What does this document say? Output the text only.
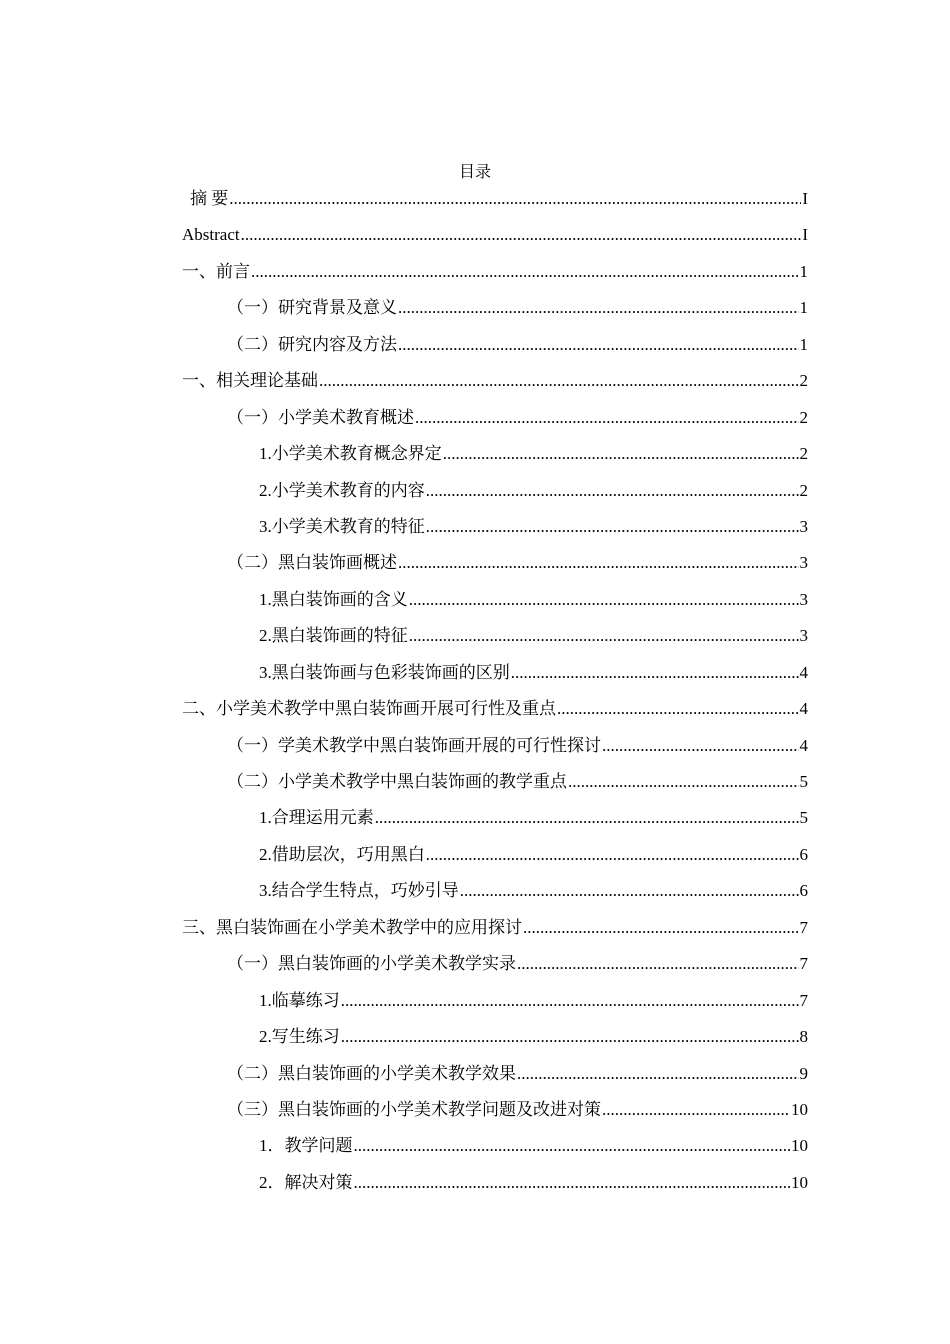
目录
摘 要 .....	I
Abstract .....	I
一、前言 .....	1
（一）研究背景及意义 .....	1
（二）研究内容及方法 .....	1
一、相关理论基础 .....	2
（一）小学美术教育概述 .....	2
1.小学美术教育概念界定 .....	2
2.小学美术教育的内容 .....	2
3.小学美术教育的特征 .....	3
（二）黑白装饰画概述 .....	3
1.黑白装饰画的含义 .....	3
2.黑白装饰画的特征 .....	3
3.黑白装饰画与色彩装饰画的区别 .....	4
二、小学美术教学中黑白装饰画开展可行性及重点 .....	4
（一）学美术教学中黑白装饰画开展的可行性探讨 .....	4
（二）小学美术教学中黑白装饰画的教学重点 .....	5
1.合理运用元素 .....	5
2.借助层次，巧用黑白 .....	6
3.结合学生特点，巧妙引导 .....	6
三、黑白装饰画在小学美术教学中的应用探讨 .....	7
（一）黑白装饰画的小学美术教学实录 .....	7
1.临摹练习 .....	7
2.写生练习 .....	8
（二）黑白装饰画的小学美术教学效果 .....	9
（三）黑白装饰画的小学美术教学问题及改进对策 .....	10
1．教学问题 .....	10
2．解决对策 .....	10
